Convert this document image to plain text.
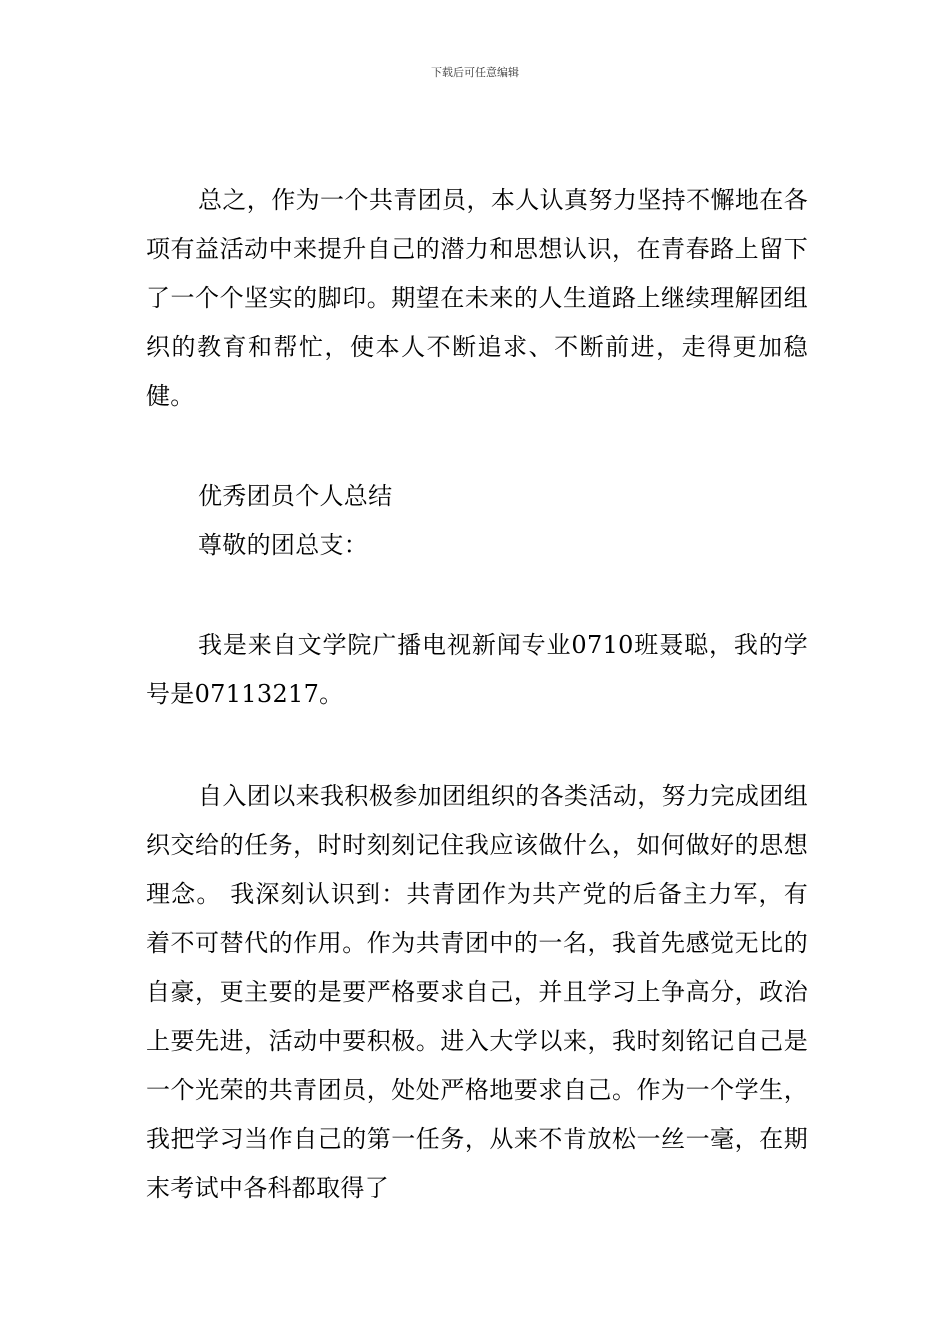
下载后可任意编辑

总之，作为一个共青团员，本人认真努力坚持不懈地在各项有益活动中来提升自己的潜力和思想认识，在青春路上留下了一个个坚实的脚印。期望在未来的人生道路上继续理解团组织的教育和帮忙，使本人不断追求、不断前进，走得更加稳健。

优秀团员个人总结

尊敬的团总支：

我是来自文学院广播电视新闻专业0710班聂聪，我的学号是07113217。

自入团以来我积极参加团组织的各类活动，努力完成团组织交给的任务，时时刻刻记住我应该做什么，如何做好的思想理念。 我深刻认识到：共青团作为共产党的后备主力军，有着不可替代的作用。作为共青团中的一名，我首先感觉无比的自豪，更主要的是要严格要求自己，并且学习上争高分，政治上要先进，活动中要积极。进入大学以来，我时刻铭记自己是一个光荣的共青团员，处处严格地要求自己。作为一个学生，我把学习当作自己的第一任务，从来不肯放松一丝一毫，在期末考试中各科都取得了
